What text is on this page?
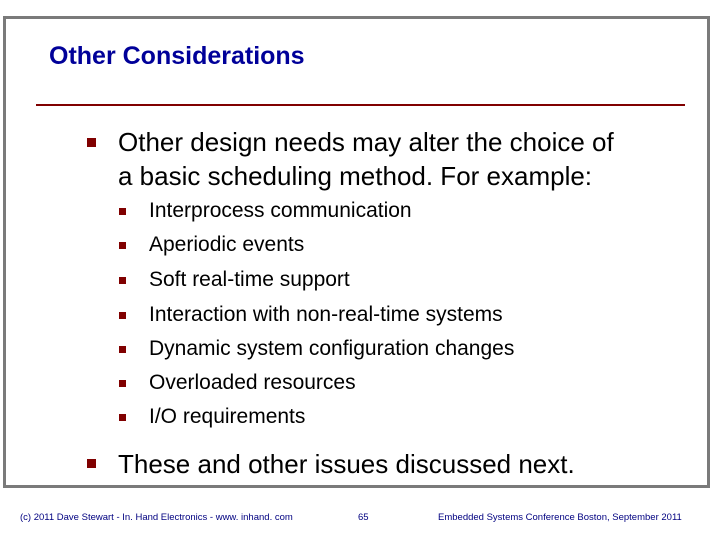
Other Considerations
Other design needs may alter the choice of
a basic scheduling method. For example:
Interprocess communication
Aperiodic events
Soft real-time support
Interaction with non-real-time systems
Dynamic system configuration changes
Overloaded resources
I/O requirements
These and other issues discussed next.
(c) 2011 Dave Stewart - In. Hand Electronics - www. inhand. com	65	Embedded Systems Conference Boston, September 2011
